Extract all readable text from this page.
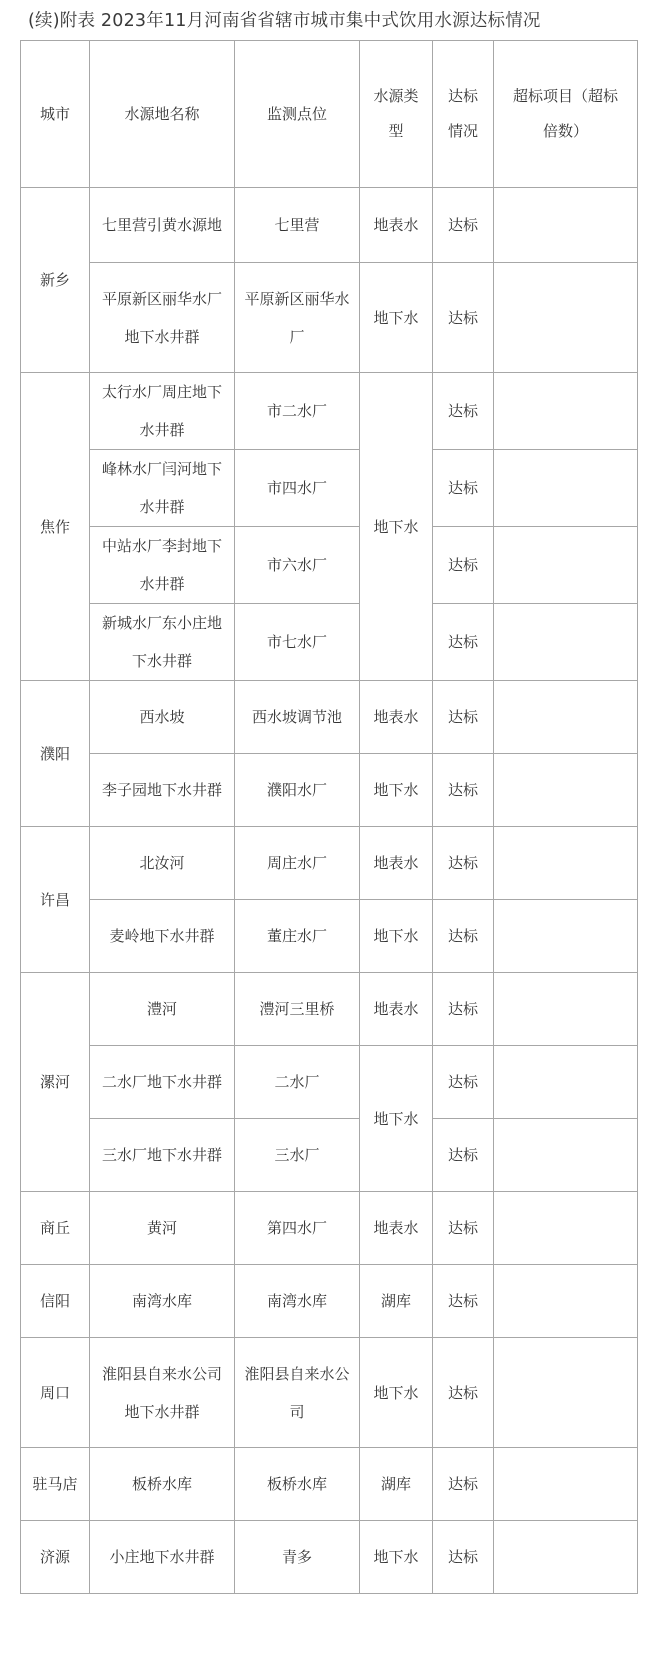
(续)附表 2023年11月河南省省辖市城市集中式饮用水源达标情况
城市	水源地名称	监测点位	水源类型	达标情况	超标项目（超标倍数）
新乡	七里营引黄水源地	七里营	地表水	达标	
	平原新区丽华水厂地下水井群	平原新区丽华水厂	地下水	达标	
焦作	太行水厂周庄地下水井群	市二水厂	地下水	达标	
	峰林水厂闫河地下水井群	市四水厂		达标	
	中站水厂李封地下水井群	市六水厂		达标	
	新城水厂东小庄地下水井群	市七水厂		达标	
濮阳	西水坡	西水坡调节池	地表水	达标	
	李子园地下水井群	濮阳水厂	地下水	达标	
许昌	北汝河	周庄水厂	地表水	达标	
	麦岭地下水井群	董庄水厂	地下水	达标	
漯河	澧河	澧河三里桥	地表水	达标	
	二水厂地下水井群	二水厂	地下水	达标	
	三水厂地下水井群	三水厂		达标	
商丘	黄河	第四水厂	地表水	达标	
信阳	南湾水库	南湾水库	湖库	达标	
周口	淮阳县自来水公司地下水井群	淮阳县自来水公司	地下水	达标	
驻马店	板桥水库	板桥水库	湖库	达标	
济源	小庄地下水井群	青多	地下水	达标	
